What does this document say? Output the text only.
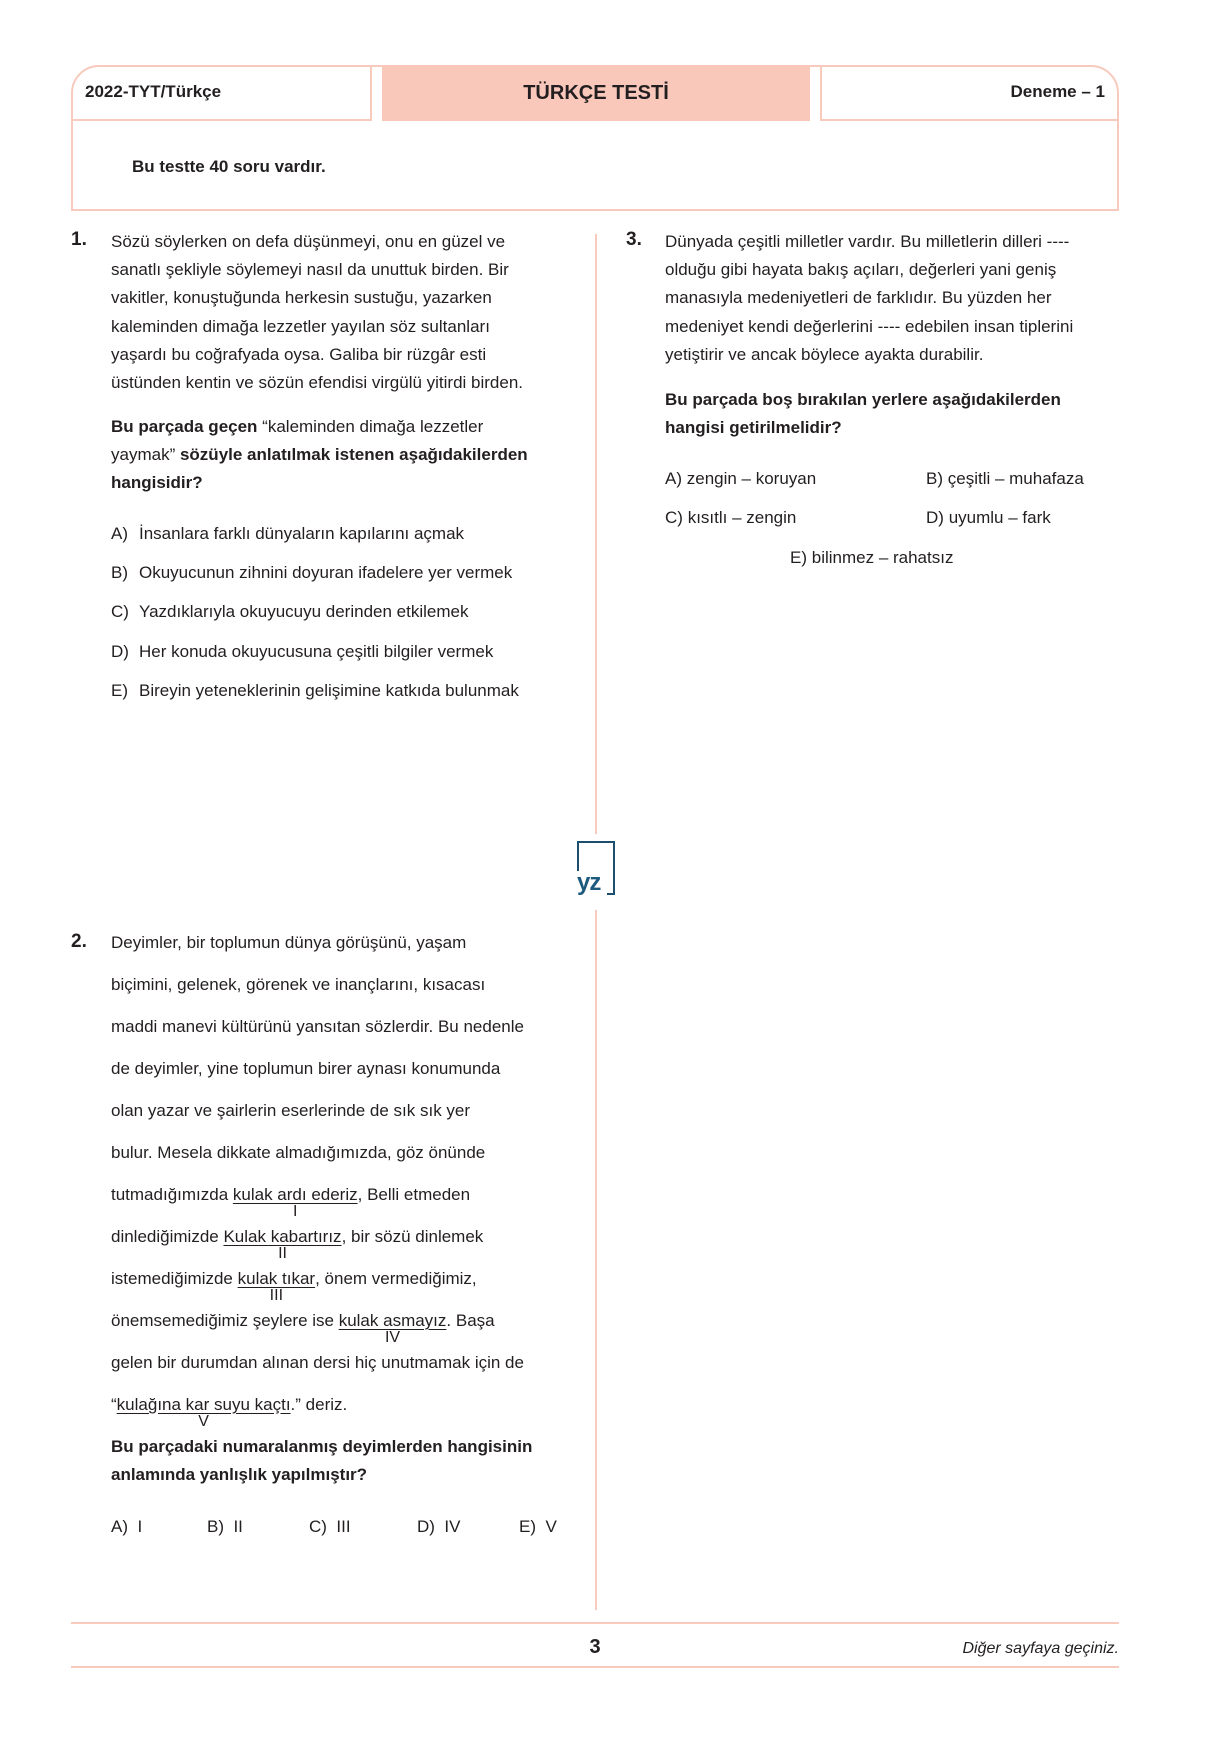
2022-TYT/Türkçe	TÜRKÇE TESTİ	Deneme – 1
Bu testte 40 soru vardır.
yz
1. Sözü söylerken on defa düşünmeyi, onu en güzel ve

sanatlı şekliyle söylemeyi nasıl da unuttuk birden. Bir

vakitler, konuştuğunda herkesin sustuğu, yazarken

kaleminden dimağa lezzetler yayılan söz sultanları

yaşardı bu coğrafyada oysa. Galiba bir rüzgâr esti

üstünden kentin ve sözün efendisi virgülü yitirdi birden.

Bu parçada geçen “kaleminden dimağa lezzetler
yaymak” sözüyle anlatılmak istenen aşağıdakilerden
hangisidir?
A) İnsanlara farklı dünyaların kapılarını açmak
B) Okuyucunun zihnini doyuran ifadelere yer vermek
C) Yazdıklarıyla okuyucuyu derinden etkilemek
D) Her konuda okuyucusuna çeşitli bilgiler vermek
E) Bireyin yeteneklerinin gelişimine katkıda bulunmak
3. Dünyada çeşitli milletler vardır. Bu milletlerin dilleri ----

olduğu gibi hayata bakış açıları, değerleri yani geniş

manasıyla medeniyetleri de farklıdır. Bu yüzden her

medeniyet kendi değerlerini ---- edebilen insan tiplerini

yetiştirir ve ancak böylece ayakta durabilir.

Bu parçada boş bırakılan yerlere aşağıdakilerden
hangisi getirilmelidir?
A) zengin – koruyan	B) çeşitli – muhafaza
C) kısıtlı – zengin	D) uyumlu – fark
E) bilinmez – rahatsız
2. Deyimler, bir toplumun dünya görüşünü, yaşam
biçimini, gelenek, görenek ve inançlarını, kısacası
maddi manevi kültürünü yansıtan sözlerdir. Bu nedenle
de deyimler, yine toplumun birer aynası konumunda
olan yazar ve şairlerin eserlerinde de sık sık yer
bulur. Mesela dikkate almadığımızda, göz önünde
tutmadığımızda kulak ardı ederiz
I
, Belli etmeden
dinlediğimizde Kulak kabartırız
II
, bir sözü dinlemek
istemediğimizde kulak tıkar
III
, önem vermediğimiz,
önemsemediğimiz şeylere ise kulak asmayız
IV
. Başa
gelen bir durumdan alınan dersi hiç unutmamak için de
“kulağına kar suyu kaçtı
V
.” deriz.
Bu parçadaki numaralanmış deyimlerden hangisinin
anlamında yanlışlık yapılmıştır?
A) I	B) II	C) III	D) IV	E) V
3	Diğer sayfaya geçiniz.
